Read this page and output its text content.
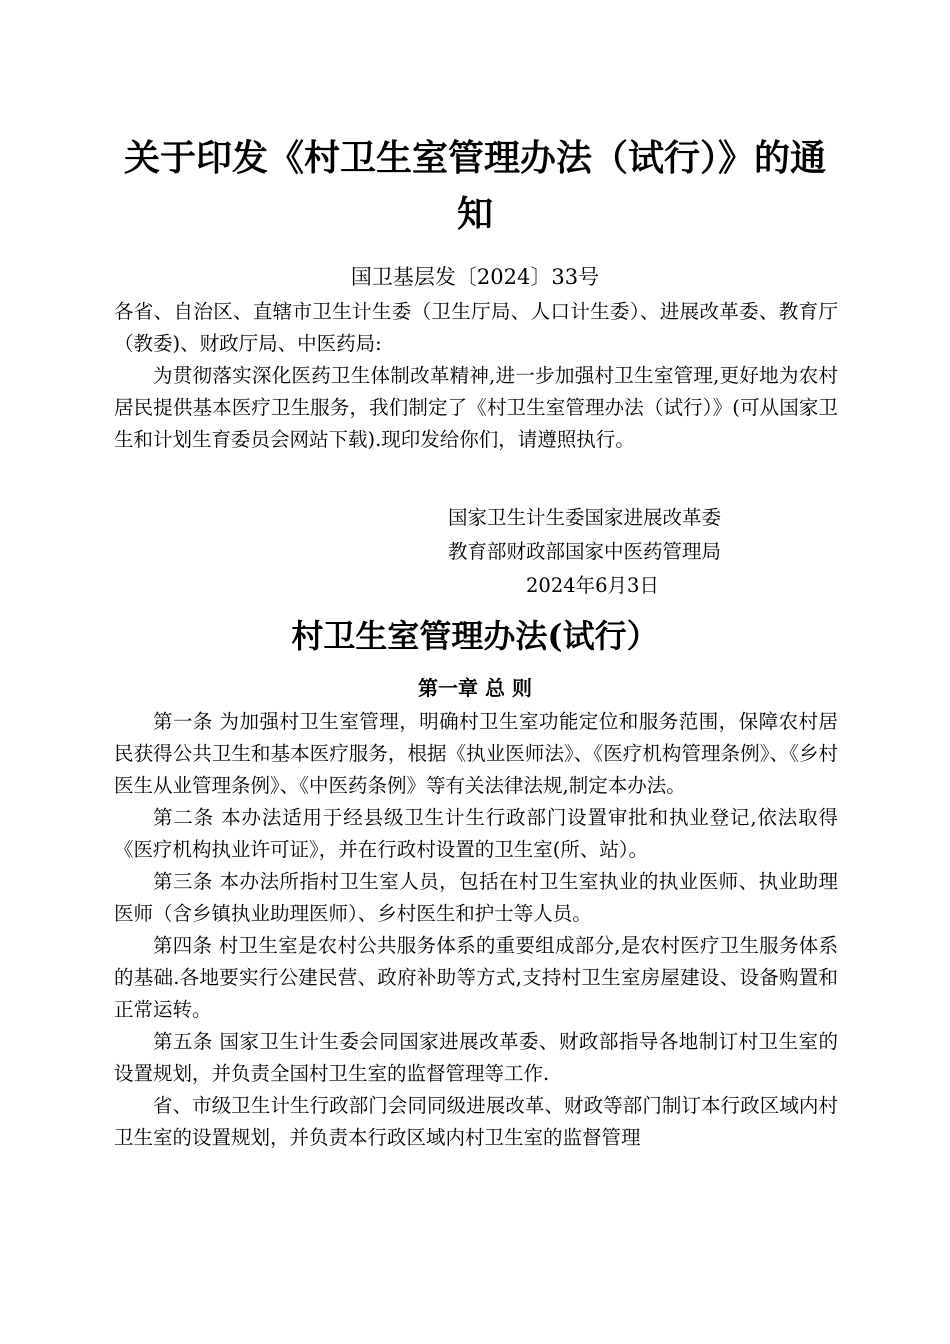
关于印发《村卫生室管理办法（试行）》的通知
国卫基层发〔2024〕33号

各省、自治区、直辖市卫生计生委（卫生厅局、人口计生委）、进展改革委、教育厅（教委)、财政厅局、中医药局:

为贯彻落实深化医药卫生体制改革精神,进一步加强村卫生室管理,更好地为农村居民提供基本医疗卫生服务，我们制定了《村卫生室管理办法（试行）》(可从国家卫生和计划生育委员会网站下载).现印发给你们，请遵照执行。

国家卫生计生委国家进展改革委
教育部财政部国家中医药管理局
2024年6月3日
村卫生室管理办法(试行）
第一章 总 则

第一条 为加强村卫生室管理，明确村卫生室功能定位和服务范围，保障农村居民获得公共卫生和基本医疗服务，根据《执业医师法》、《医疗机构管理条例》、《乡村医生从业管理条例》、《中医药条例》等有关法律法规,制定本办法。

第二条 本办法适用于经县级卫生计生行政部门设置审批和执业登记,依法取得《医疗机构执业许可证》，并在行政村设置的卫生室(所、站）。

第三条 本办法所指村卫生室人员，包括在村卫生室执业的执业医师、执业助理医师（含乡镇执业助理医师）、乡村医生和护士等人员。

第四条 村卫生室是农村公共服务体系的重要组成部分,是农村医疗卫生服务体系的基础.各地要实行公建民营、政府补助等方式,支持村卫生室房屋建设、设备购置和正常运转。

第五条 国家卫生计生委会同国家进展改革委、财政部指导各地制订村卫生室的设置规划，并负责全国村卫生室的监督管理等工作.

省、市级卫生计生行政部门会同同级进展改革、财政等部门制订本行政区域内村卫生室的设置规划，并负责本行政区域内村卫生室的监督管理
